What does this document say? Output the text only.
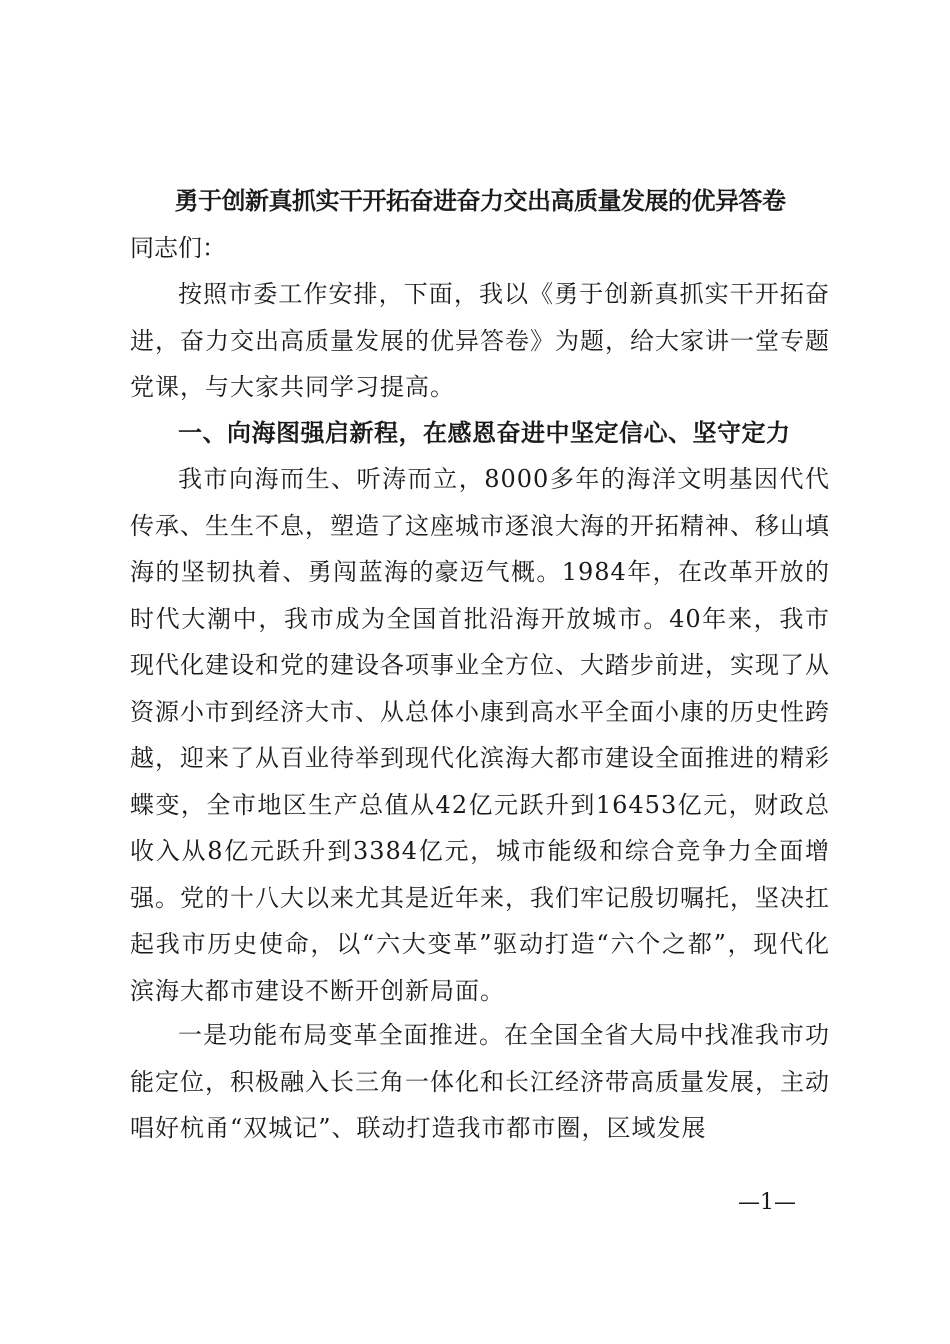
勇于创新真抓实干开拓奋进奋力交出高质量发展的优异答卷
同志们：
按照市委工作安排，下面，我以《勇于创新真抓实干开拓奋进，奋力交出高质量发展的优异答卷》为题，给大家讲一堂专题党课，与大家共同学习提高。
一、向海图强启新程，在感恩奋进中坚定信心、坚守定力
我市向海而生、听涛而立，8000多年的海洋文明基因代代传承、生生不息，塑造了这座城市逐浪大海的开拓精神、移山填海的坚韧执着、勇闯蓝海的豪迈气概。1984年，在改革开放的时代大潮中，我市成为全国首批沿海开放城市。40年来，我市现代化建设和党的建设各项事业全方位、大踏步前进，实现了从资源小市到经济大市、从总体小康到高水平全面小康的历史性跨越，迎来了从百业待举到现代化滨海大都市建设全面推进的精彩蝶变，全市地区生产总值从42亿元跃升到16453亿元，财政总收入从8亿元跃升到3384亿元，城市能级和综合竞争力全面增强。党的十八大以来尤其是近年来，我们牢记殷切嘱托，坚决扛起我市历史使命，以“六大变革”驱动打造“六个之都”，现代化滨海大都市建设不断开创新局面。
一是功能布局变革全面推进。在全国全省大局中找准我市功能定位，积极融入长三角一体化和长江经济带高质量发展，主动唱好杭甬“双城记”、联动打造我市都市圈，区域发展
—1—
